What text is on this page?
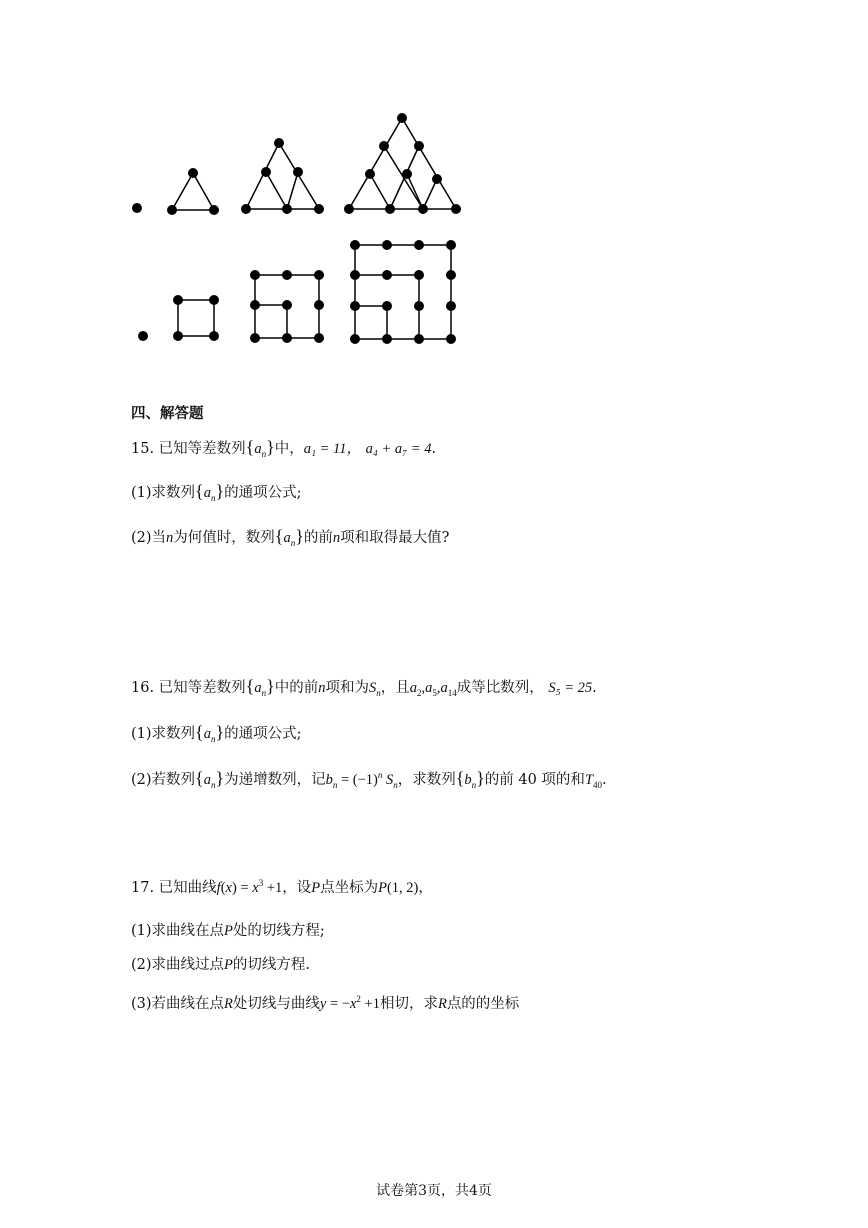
四、解答题
15. 已知等差数列$\{a_n\}$中，a₁ = 11， a₄ + a₇ = 4.
(1)求数列$\{a_n\}$的通项公式;
(2)当n为何值时，数列$\{a_n\}$的前n项和取得最大值?
16. 已知等差数列$\{a_n\}$中的前n项和为$S_n$，且$a_2,a_5,a_{14}$成等比数列， S₅ = 25.
(1)求数列$\{a_n\}$的通项公式;
(2)若数列$\{a_n\}$为递增数列，记$b_n = (-1)^n$ $S_n$，求数列$\{b_n\}$的前 40 项的和$T_{40}$.
17. 已知曲线$f(x) = x^3 +1$，设P点坐标为P(1, 2)，
(1)求曲线在点P处的切线方程;
(2)求曲线过点P的切线方程.
(3)若曲线在点R处切线与曲线$y = -x^2 +1$相切，求R点的的坐标
试卷第3页，共4页
